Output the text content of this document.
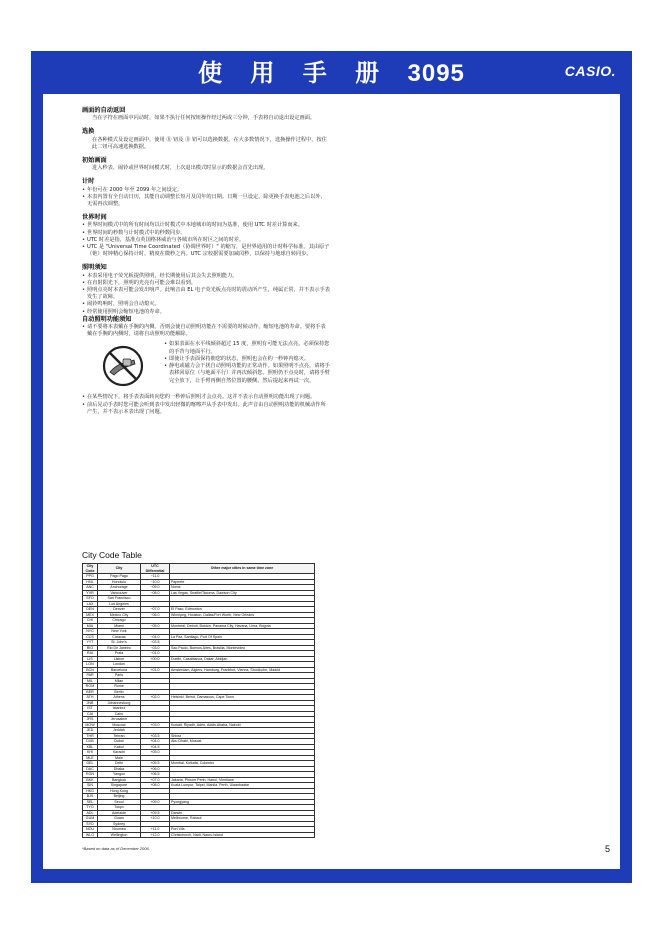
使 用 手 册 3095	CASIO.
画面的自动返回

当在字符在画面中闪动时，如果不执行任何按钮操作经过两或三分钟，手表将自动退出设定画面。

选换

在各种模式及设定画面中，使用 Ⓑ 钮及 Ⓓ 钮可以选换数据。在大多数情况下，选换操作过程中，按住此二钮可高速选换数据。

初始画面

进入秒表、闹铃或世界时间模式时，上次退出模式时显示的数据会首先出现。

计时
• 年份可在 2000 年至 2099 年之间设定。
• 本表内置有全自动日历，其能自动调整长短月及闰年的日期。日期一旦设定，除更换手表电池之后以外，无需再次调整。
世界时间
• 世界时间模式中的所有时间均以计时模式中本地城市的时间为基准，使用 UTC 时差计算而来。
• 世界时间的秒数与计时模式中的秒数同步。
• UTC 时差是指，基准点英国格林威治与各城市所在时区之间的时差。
• UTC 是 "Universal Time Coordinated（协调世界时）" 的缩写，是世界通用的计时科学标准。其由原子（铯）时钟精心保持计时，精度在微秒之内。UTC 宗校据需要加减闰秒，以保持与地球自转同步。
照明须知
• 本表采用电子荧光板提供照明，经长期使用后其会失去照明能力。
• 在直射阳光下，照明的光亮有可能会难以看到。
• 照明点亮时本表可能会发出响声。此响音由 EL 电子荧光板点亮时的震动所产生，纯属正常，并不表示手表发生了故障。
• 闹铃鸣响时，照明会自动熄灭。
• 经常使用照明会缩短电池的寿命。
自动照明功能须知
• 请不要将本表戴在手腕的内侧。否则会使自动照明功能在不需要的时候动作，缩短电池的寿命。要将手表戴在手腕的内侧时，请将自动照明功能解除。
• 如果表面在水平线倾斜超过 15 度，照明有可能无法点亮。必须保持您的手背与地面平行。
• 即使让手表面保持朝您的状态，照明也会在约一秒钟内熄灭。
• 静电或磁力会干扰自动照明功能的正常动作。如果照明不点亮，请将手表移回原位（与地面平行）并再次倾斜您。照明仍不点亮时，请将手臂完全放下，让手臂再侧自然位置的腰侧，然后提起来再试一次。
• 在某些情况下，将手表表面转向您约一秒钟后照明才会点亮。这并不表示自动照明功能出现了问题。
• 前后晃动手表时您可能会听到表中发出轻微的喀嚓声从手表中发出。此声音由自动照明功能的机械动作所产生，并不表示本表出现了问题。
City Code Table
City Code	City	UTC Differential	Other major cities in same time zone
PPG	Pago Pago	−11.0	
HNL	Honolulu	−10.0	Papeete
ANC	Anchorage	−09.0	Nome
YVR	Vancouver	−08.0	Las Vegas, Seattle/Tacoma, Dawson City
SFO	San Francisco		
LAX	Los Angeles		
DEN	Denver	−07.0	El Paso, Edmonton
MEX	Mexico City	−06.0	Winnipeg, Houston, Dallas/Fort Worth, New Orleans
CHI	Chicago		
MIA	Miami	−05.0	Montreal, Detroit, Boston, Panama City, Havana, Lima, Bogota
NYC	New York		
CCS	Caracas	−04.0	La Paz, Santiago, Port Of Spain
YYT	St. John's	−03.5	
RIO	Rio De Janeiro	−03.0	Sao Paulo, Buenos Aires, Brasilia, Montevideo
RAI	Praia	−01.0	
LIS	Lisbon	+00.0	Dublin, Casablanca, Dakar, Abidjan
LON	London		
BCN	Barcelona	+01.0	Amsterdam, Algiers, Hamburg, Frankfurt, Vienna, Stockholm, Madrid
PAR	Paris		
MIL	Milan		
ROM	Rome		
BER	Berlin		
ATH	Athens	+02.0	Helsinki, Beirut, Damascus, Cape Town
JNB	Johannesburg		
IST	Istanbul		
CAI	Cairo		
JRS	Jerusalem		
MOW	Moscow	+03.0	Kuwait, Riyadh, Aden, Addis Ababa, Nairobi
JED	Jeddah		
THR	Tehran	+03.5	Shiraz
DXB	Dubai	+04.0	Abu Dhabi, Muscat
KBL	Kabul	+04.5	
KHI	Karachi	+05.0	
MLE	Male		
DEL	Delhi	+05.5	Mumbai, Kolkata, Colombo
DAC	Dhaka	+06.0	
RGN	Yangon	+06.5	
BKK	Bangkok	+07.0	Jakarta, Phnom Penh, Hanoi, Vientiane
SIN	Singapore	+08.0	Kuala Lumpur, Taipei, Manila, Perth, Ulaanbaatar
HKG	Hong Kong		
BJS	Beijing		
SEL	Seoul	+09.0	Pyongyang
TYO	Tokyo		
ADL	Adelaide	+09.5	Darwin
GUM	Guam	+10.0	Melbourne, Rabaul
SYD	Sydney		
NOU	Noumea	+11.0	Port Vila
WLG	Wellington	+12.0	Christchurch, Nadi, Nauru Island
*Based on data as of December 2006.	5
